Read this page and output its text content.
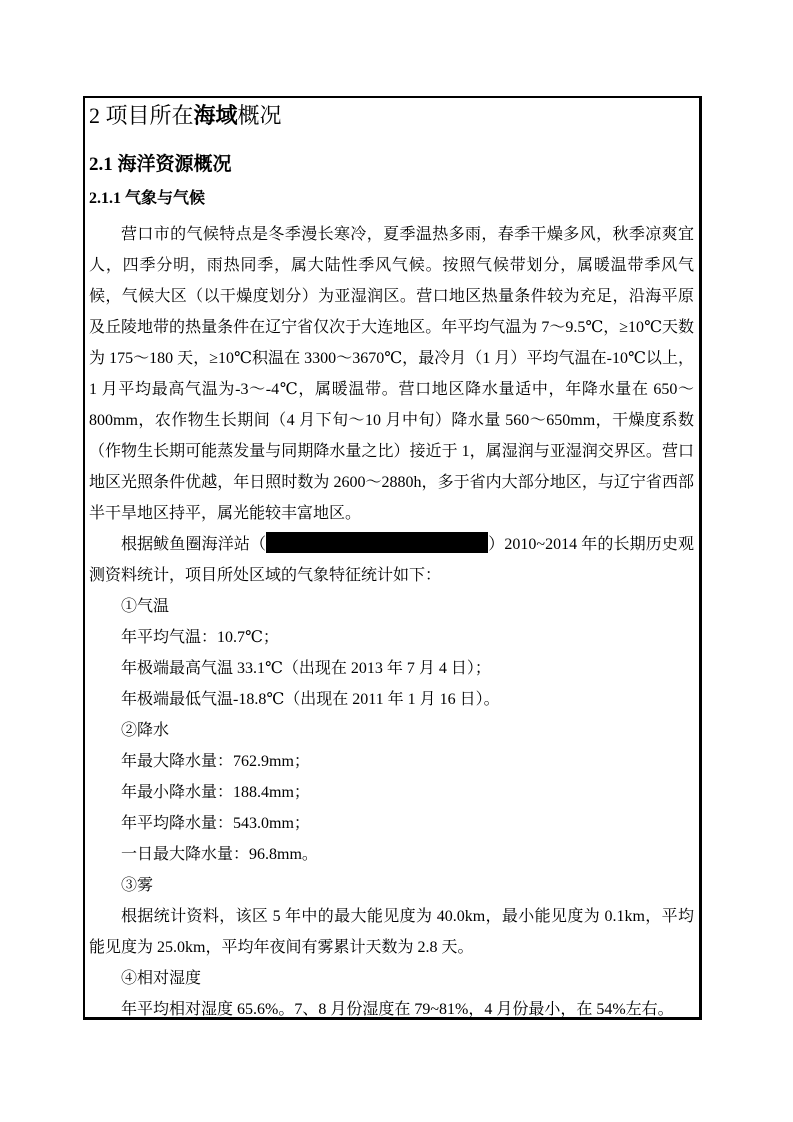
2 项目所在海域概况
2.1 海洋资源概况
2.1.1 气象与气候

营口市的气候特点是冬季漫长寒冷，夏季温热多雨，春季干燥多风，秋季凉爽宜人，四季分明，雨热同季，属大陆性季风气候。按照气候带划分，属暖温带季风气候，气候大区（以干燥度划分）为亚湿润区。营口地区热量条件较为充足，沿海平原及丘陵地带的热量条件在辽宁省仅次于大连地区。年平均气温为 7～9.5℃，≥10℃天数为 175～180 天，≥10℃积温在 3300～3670℃，最冷月（1 月）平均气温在-10℃以上，1 月平均最高气温为-3～-4℃，属暖温带。营口地区降水量适中，年降水量在 650～800mm，农作物生长期间（4 月下旬～10 月中旬）降水量 560～650mm，干燥度系数（作物生长期可能蒸发量与同期降水量之比）接近于 1，属湿润与亚湿润交界区。营口地区光照条件优越，年日照时数为 2600～2880h，多于省内大部分地区，与辽宁省西部半干旱地区持平，属光能较丰富地区。

根据鲅鱼圈海洋站（	）2010~2014 年的长期历史观测资料统计，项目所处区域的气象特征统计如下：

①气温

年平均气温：10.7℃；

年极端最高气温 33.1℃（出现在 2013 年 7 月 4 日）；

年极端最低气温-18.8℃（出现在 2011 年 1 月 16 日）。

②降水

年最大降水量：762.9mm；

年最小降水量：188.4mm；

年平均降水量：543.0mm；

一日最大降水量：96.8mm。

③雾

根据统计资料，该区 5 年中的最大能见度为 40.0km，最小能见度为 0.1km，平均能见度为 25.0km，平均年夜间有雾累计天数为 2.8 天。

④相对湿度

年平均相对湿度 65.6%。7、8 月份湿度在 79~81%，4 月份最小，在 54%左右。
